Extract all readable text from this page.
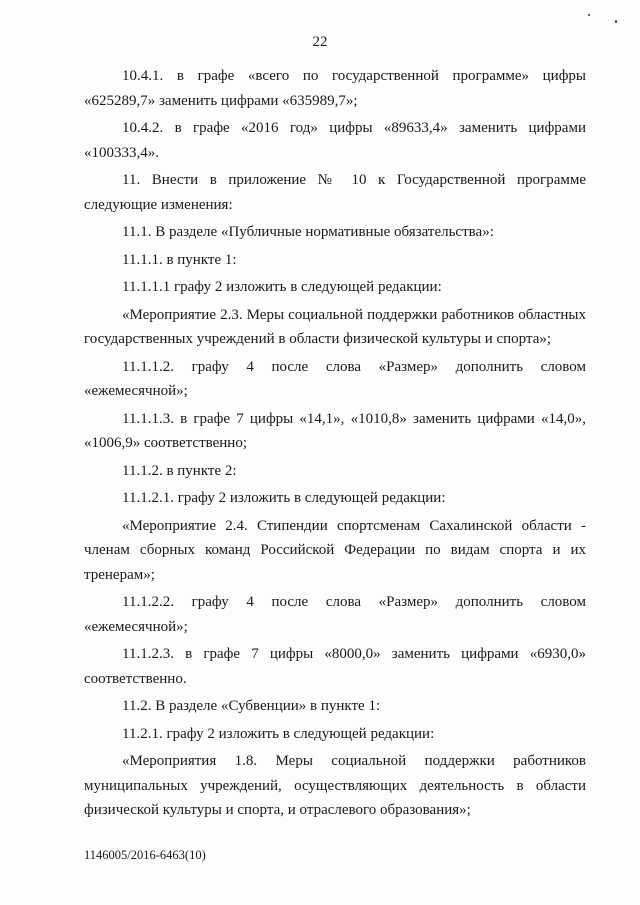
22

10.4.1. в графе «всего по государственной программе» цифры «625289,7» заменить цифрами «635989,7»;

10.4.2. в графе «2016 год» цифры «89633,4» заменить цифрами «100333,4».

11. Внести в приложение № 10 к Государственной программе следующие изменения:

11.1. В разделе «Публичные нормативные обязательства»:

11.1.1. в пункте 1:

11.1.1.1 графу 2 изложить в следующей редакции:

«Мероприятие 2.3. Меры социальной поддержки работников областных государственных учреждений в области физической культуры и спорта»;

11.1.1.2. графу 4 после слова «Размер» дополнить словом «ежемесячной»;

11.1.1.3. в графе 7 цифры «14,1», «1010,8» заменить цифрами «14,0», «1006,9» соответственно;

11.1.2. в пункте 2:

11.1.2.1. графу 2 изложить в следующей редакции:

«Мероприятие 2.4. Стипендии спортсменам Сахалинской области - членам сборных команд Российской Федерации по видам спорта и их тренерам»;

11.1.2.2. графу 4 после слова «Размер» дополнить словом «ежемесячной»;

11.1.2.3. в графе 7 цифры «8000,0» заменить цифрами «6930,0» соответственно.

11.2. В разделе «Субвенции» в пункте 1:

11.2.1. графу 2 изложить в следующей редакции:

«Мероприятия 1.8. Меры социальной поддержки работников муниципальных учреждений, осуществляющих деятельность в области физической культуры и спорта, и отраслевого образования»;

1146005/2016-6463(10)
